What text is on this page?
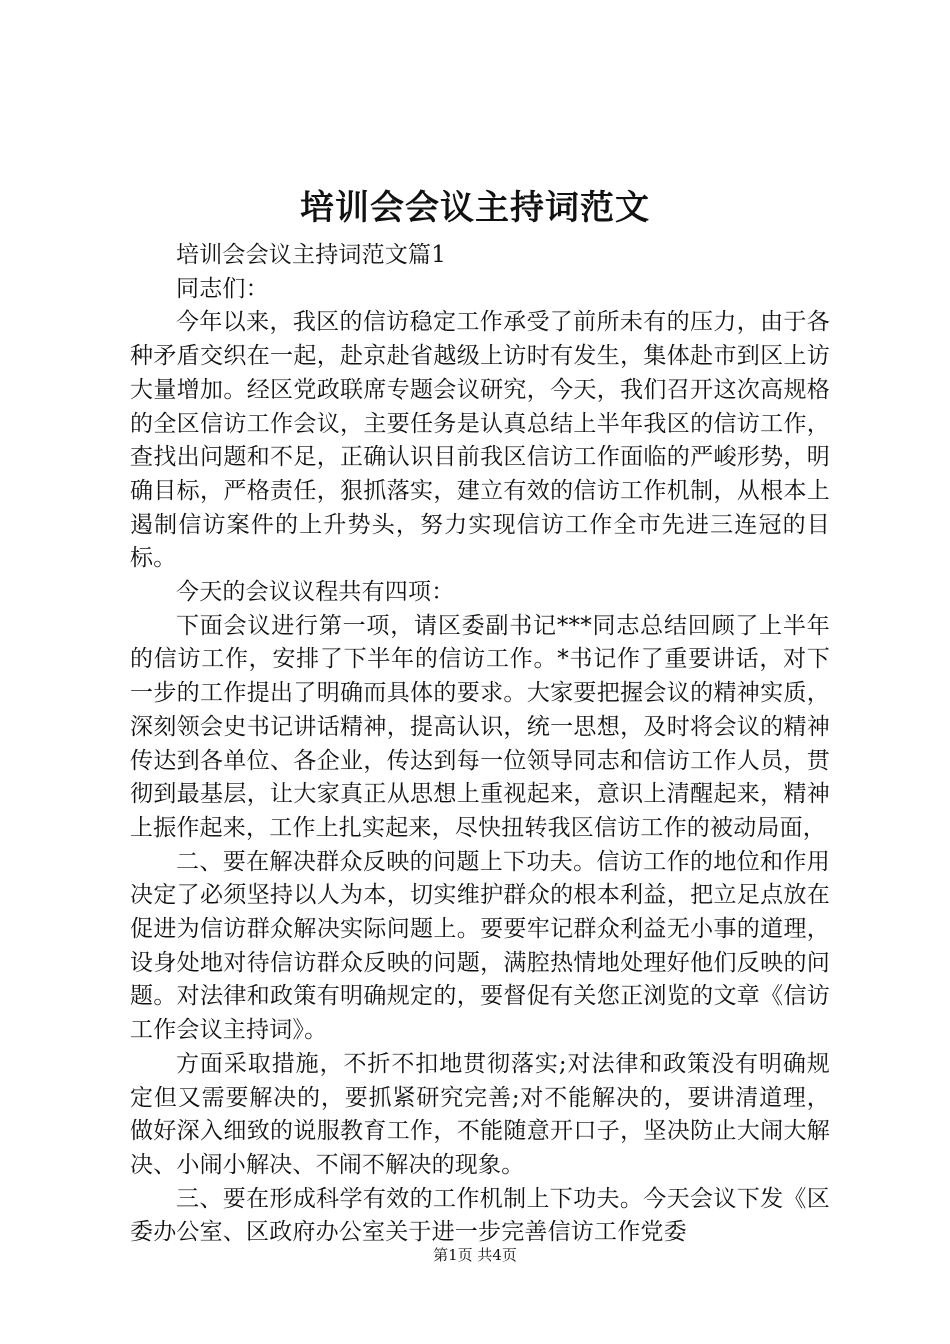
培训会会议主持词范文

培训会会议主持词范文篇1

同志们：

今年以来，我区的信访稳定工作承受了前所未有的压力，由于各种矛盾交织在一起，赴京赴省越级上访时有发生，集体赴市到区上访大量增加。经区党政联席专题会议研究，今天，我们召开这次高规格的全区信访工作会议，主要任务是认真总结上半年我区的信访工作，查找出问题和不足，正确认识目前我区信访工作面临的严峻形势，明确目标，严格责任，狠抓落实，建立有效的信访工作机制，从根本上遏制信访案件的上升势头，努力实现信访工作全市先进三连冠的目标。

今天的会议议程共有四项：

下面会议进行第一项，请区委副书记***同志总结回顾了上半年的信访工作，安排了下半年的信访工作。*书记作了重要讲话，对下一步的工作提出了明确而具体的要求。大家要把握会议的精神实质，深刻领会史书记讲话精神，提高认识，统一思想，及时将会议的精神传达到各单位、各企业，传达到每一位领导同志和信访工作人员，贯彻到最基层，让大家真正从思想上重视起来，意识上清醒起来，精神上振作起来，工作上扎实起来，尽快扭转我区信访工作的被动局面，

二、要在解决群众反映的问题上下功夫。信访工作的地位和作用决定了必须坚持以人为本，切实维护群众的根本利益，把立足点放在促进为信访群众解决实际问题上。要要牢记群众利益无小事的道理，设身处地对待信访群众反映的问题，满腔热情地处理好他们反映的问题。对法律和政策有明确规定的，要督促有关您正浏览的文章《信访工作会议主持词》。

方面采取措施，不折不扣地贯彻落实;对法律和政策没有明确规定但又需要解决的，要抓紧研究完善;对不能解决的，要讲清道理，做好深入细致的说服教育工作，不能随意开口子，坚决防止大闹大解决、小闹小解决、不闹不解决的现象。

三、要在形成科学有效的工作机制上下功夫。今天会议下发《区委办公室、区政府办公室关于进一步完善信访工作党委

第1页 共4页
